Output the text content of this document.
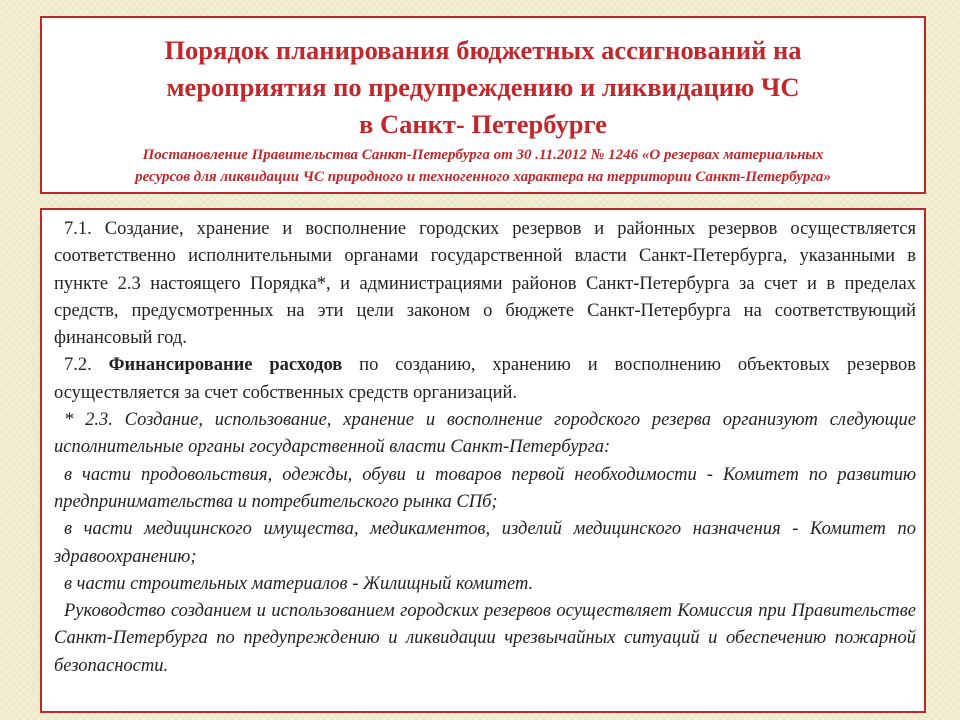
Порядок планирования бюджетных ассигнований на
мероприятия по предупреждению и ликвидацию ЧС
в Санкт- Петербурге

Постановление Правительства Санкт-Петербурга от 30 .11.2012 № 1246 «О резервах материальных
ресурсов для ликвидации ЧС природного и техногенного характера на территории Санкт-Петербурга»

7.1. Создание, хранение и восполнение городских резервов и районных резервов осуществляется соответственно исполнительными органами государственной власти Санкт-Петербурга, указанными в пункте 2.3 настоящего Порядка*, и администрациями районов Санкт-Петербурга за счет и в пределах средств, предусмотренных на эти цели законом о бюджете Санкт-Петербурга на соответствующий финансовый год.

7.2. Финансирование расходов по созданию, хранению и восполнению объектовых резервов осуществляется за счет собственных средств организаций.

* 2.3. Создание, использование, хранение и восполнение городского резерва организуют следующие исполнительные органы государственной власти Санкт-Петербурга:

в части продовольствия, одежды, обуви и товаров первой необходимости - Комитет по развитию предпринимательства и потребительского рынка СПб;

в части медицинского имущества, медикаментов, изделий медицинского назначения - Комитет по здравоохранению;

в части строительных материалов - Жилищный комитет.

Руководство созданием и использованием городских резервов осуществляет Комиссия при Правительстве Санкт-Петербурга по предупреждению и ликвидации чрезвычайных ситуаций и обеспечению пожарной безопасности.
